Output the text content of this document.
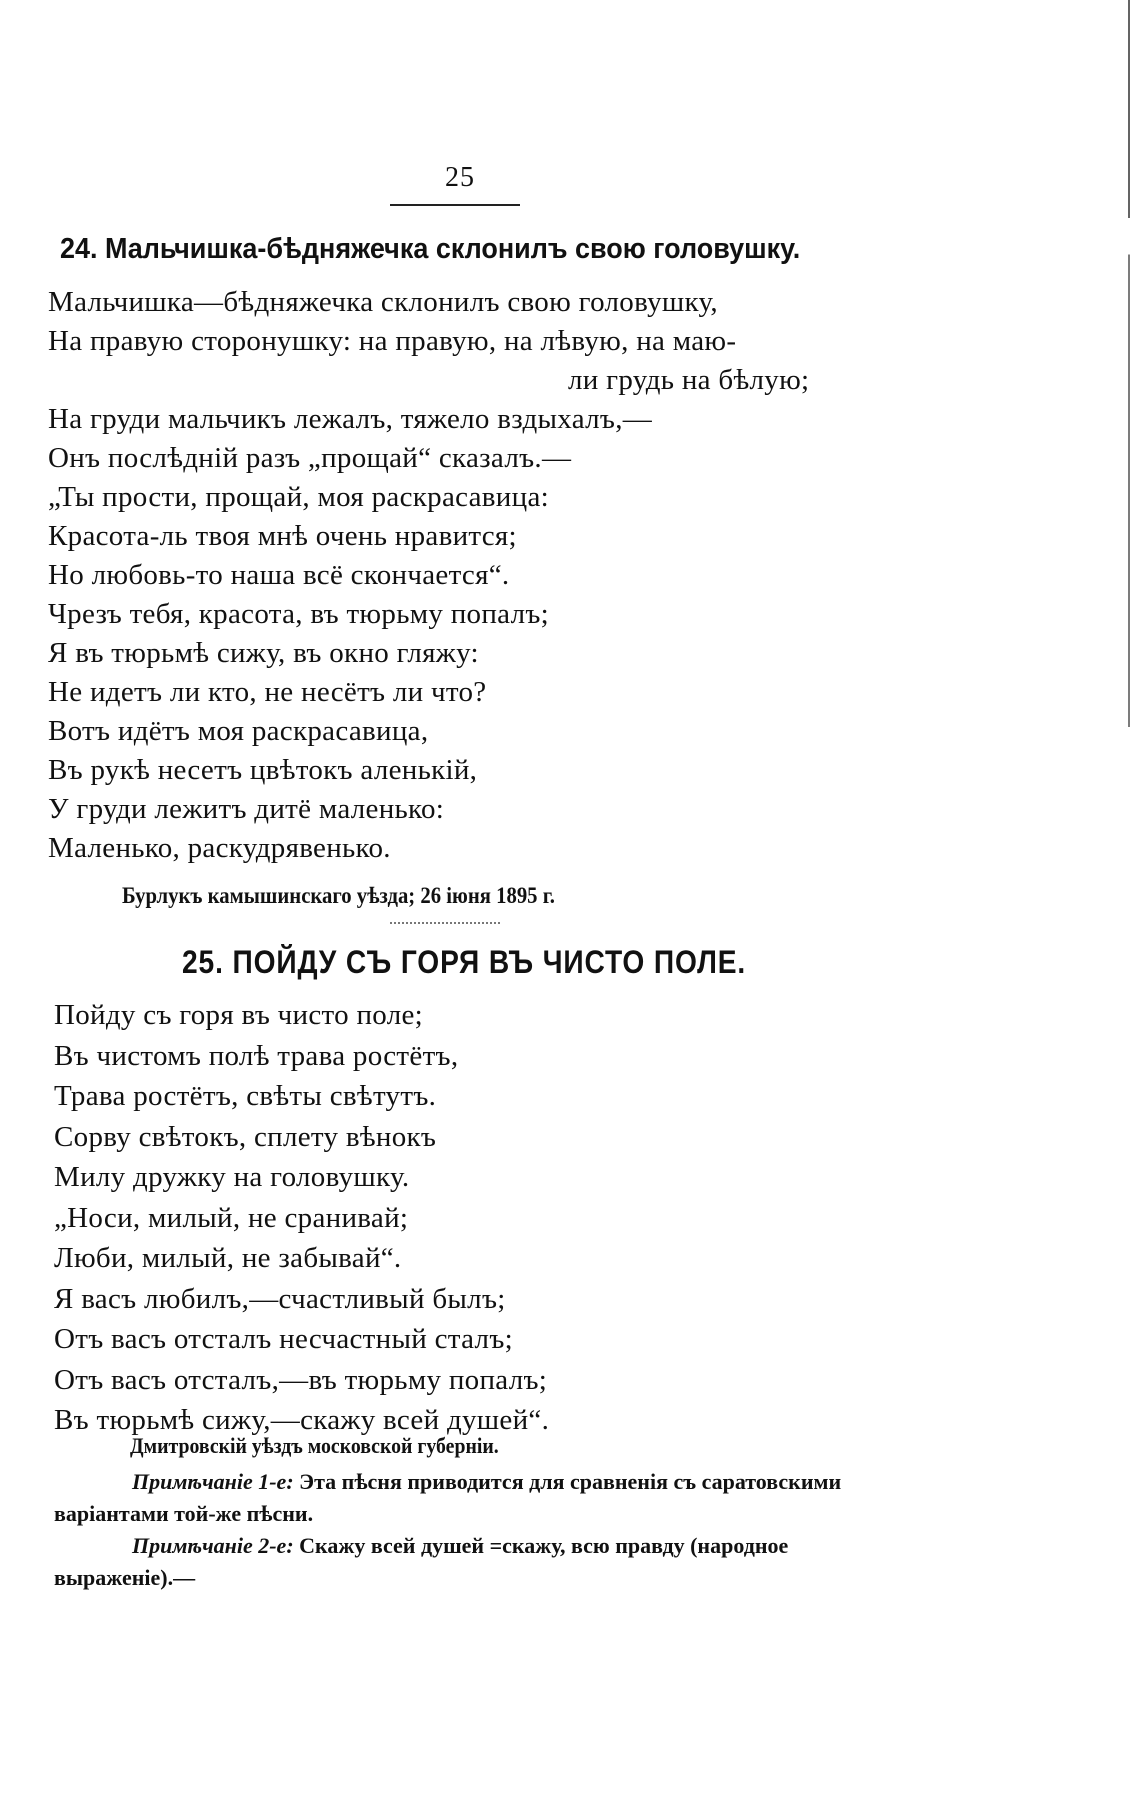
25
24. Мальчишка-бѣдняжечка склонилъ свою головушку.
Мальчишка—бѣдняжечка склонилъ свою головушку,
На правую сторонушку: на правую, на лѣвую, на маю-
ли грудь на бѣлую;
На груди мальчикъ лежалъ, тяжело вздыхалъ,—
Онъ послѣдній разъ „прощай“ сказалъ.—
„Ты прости, прощай, моя раскрасавица:
Красота-ль твоя мнѣ очень нравится;
Но любовь-то наша всё скончается“.
Чрезъ тебя, красота, въ тюрьму попалъ;
Я въ тюрьмѣ сижу, въ окно гляжу:
Не идетъ ли кто, не несётъ ли что?
Вотъ идётъ моя раскрасавица,
Въ рукѣ несетъ цвѣтокъ аленькій,
У груди лежитъ дитё маленько:
Маленько, раскудрявенько.
Бурлукъ камышинскаго уѣзда; 26 іюня 1895 г.
25. ПОЙДУ СЪ ГОРЯ ВЪ ЧИСТО ПОЛЕ.
Пойду съ горя въ чисто поле;
Въ чистомъ полѣ трава ростётъ,
Трава ростётъ, свѣты свѣтутъ.
Сорву свѣтокъ, сплету вѣнокъ
Милу дружку на головушку.
„Носи, милый, не сранивай;
Люби, милый, не забывай“.
Я васъ любилъ,—счастливый былъ;
Отъ васъ отсталъ несчастный сталъ;
Отъ васъ отсталъ,—въ тюрьму попалъ;
Въ тюрьмѣ сижу,—скажу всей душей“.
Дмитровскій уѣздъ московской губерніи.
Примѣчаніе 1-е: Эта пѣсня приводится для сравненія съ саратовскими варіантами той-же пѣсни.
Примѣчаніе 2-е: Скажу всей душей =скажу, всю правду (народное выраженіе).—
